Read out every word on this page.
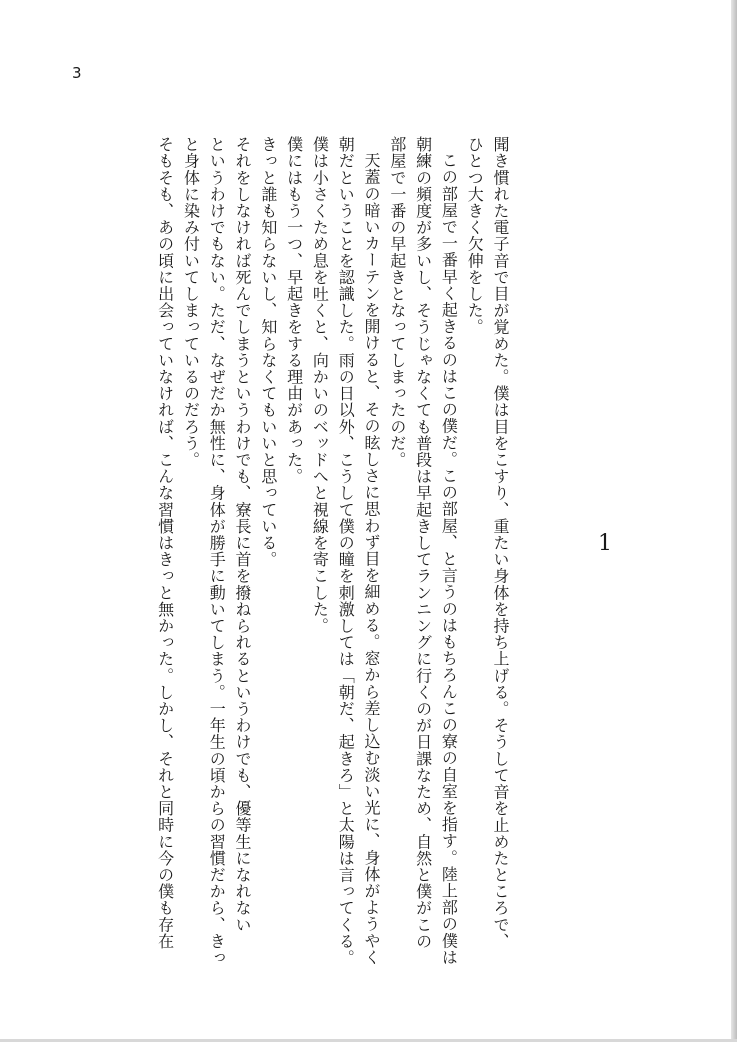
3
1

聞き慣れた電子音で目が覚めた。僕は目をこすり、重たい身体を持ち上げる。そうして音を止めたところで、

ひとつ大きく欠伸をした。

この部屋で一番早く起きるのはこの僕だ。この部屋、と言うのはもちろんこの寮の自室を指す。陸上部の僕は

朝練の頻度が多いし、そうじゃなくても普段は早起きしてランニングに行くのが日課なため、自然と僕がこの

部屋で一番の早起きとなってしまったのだ。

天蓋の暗いカーテンを開けると、その眩しさに思わず目を細める。窓から差し込む淡い光に、身体がようやく

朝だということを認識した。雨の日以外、こうして僕の瞳を刺激しては「朝だ、起きろ」と太陽は言ってくる。

僕は小さくため息を吐くと、向かいのベッドへと視線を寄こした。

僕にはもう一つ、早起きをする理由があった。

きっと誰も知らないし、知らなくてもいいと思っている。

それをしなければ死んでしまうというわけでも、寮長に首を撥ねられるというわけでも、優等生になれない

というわけでもない。ただ、なぜだか無性に、身体が勝手に動いてしまう。一年生の頃からの習慣だから、きっ

と身体に染み付いてしまっているのだろう。

そもそも、あの頃に出会っていなければ、こんな習慣はきっと無かった。しかし、それと同時に今の僕も存在
